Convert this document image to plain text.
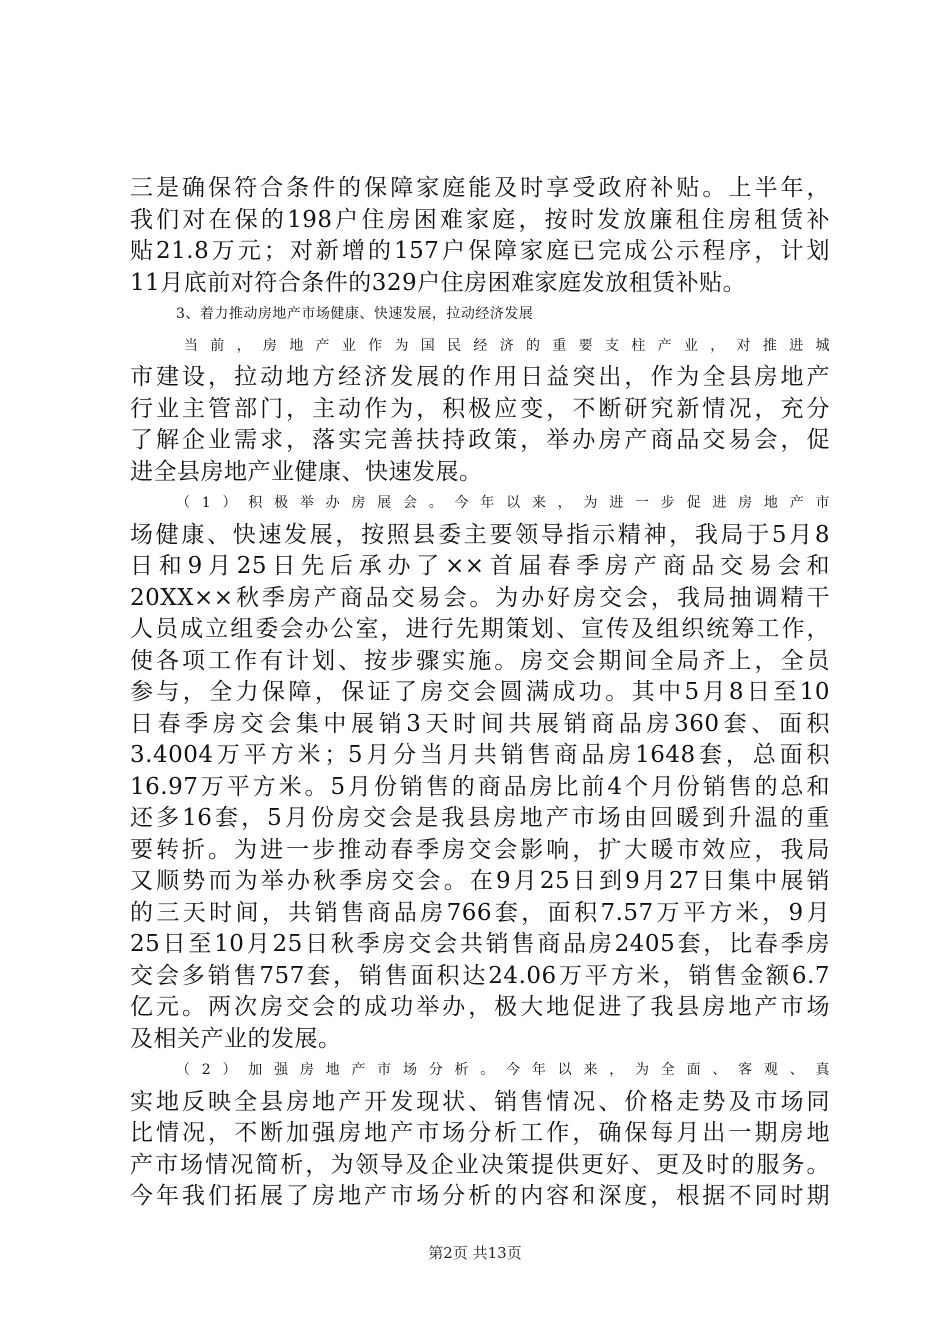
三是确保符合条件的保障家庭能及时享受政府补贴。上半年，
我们对在保的198户住房困难家庭，按时发放廉租住房租赁补
贴21.8万元；对新增的157户保障家庭已完成公示程序，计划
11月底前对符合条件的329户住房困难家庭发放租赁补贴。
3、着力推动房地产市场健康、快速发展，拉动经济发展
当前，房地产业作为国民经济的重要支柱产业，对推进城
市建设，拉动地方经济发展的作用日益突出，作为全县房地产
行业主管部门，主动作为，积极应变，不断研究新情况，充分
了解企业需求，落实完善扶持政策，举办房产商品交易会，促
进全县房地产业健康、快速发展。
（1）积极举办房展会。今年以来，为进一步促进房地产市
场健康、快速发展，按照县委主要领导指示精神，我局于5月8
日和9月25日先后承办了××首届春季房产商品交易会和
20XX××秋季房产商品交易会。为办好房交会，我局抽调精干
人员成立组委会办公室，进行先期策划、宣传及组织统筹工作，
使各项工作有计划、按步骤实施。房交会期间全局齐上，全员
参与，全力保障，保证了房交会圆满成功。其中5月8日至10
日春季房交会集中展销3天时间共展销商品房360套、面积
3.4004万平方米；5月分当月共销售商品房1648套，总面积
16.97万平方米。5月份销售的商品房比前4个月份销售的总和
还多16套，5月份房交会是我县房地产市场由回暖到升温的重
要转折。为进一步推动春季房交会影响，扩大暖市效应，我局
又顺势而为举办秋季房交会。在9月25日到9月27日集中展销
的三天时间，共销售商品房766套，面积7.57万平方米，9月
25日至10月25日秋季房交会共销售商品房2405套，比春季房
交会多销售757套，销售面积达24.06万平方米，销售金额6.7
亿元。两次房交会的成功举办，极大地促进了我县房地产市场
及相关产业的发展。
（2）加强房地产市场分析。今年以来，为全面、客观、真
实地反映全县房地产开发现状、销售情况、价格走势及市场同
比情况，不断加强房地产市场分析工作，确保每月出一期房地
产市场情况简析，为领导及企业决策提供更好、更及时的服务。
今年我们拓展了房地产市场分析的内容和深度，根据不同时期
第2页 共13页
